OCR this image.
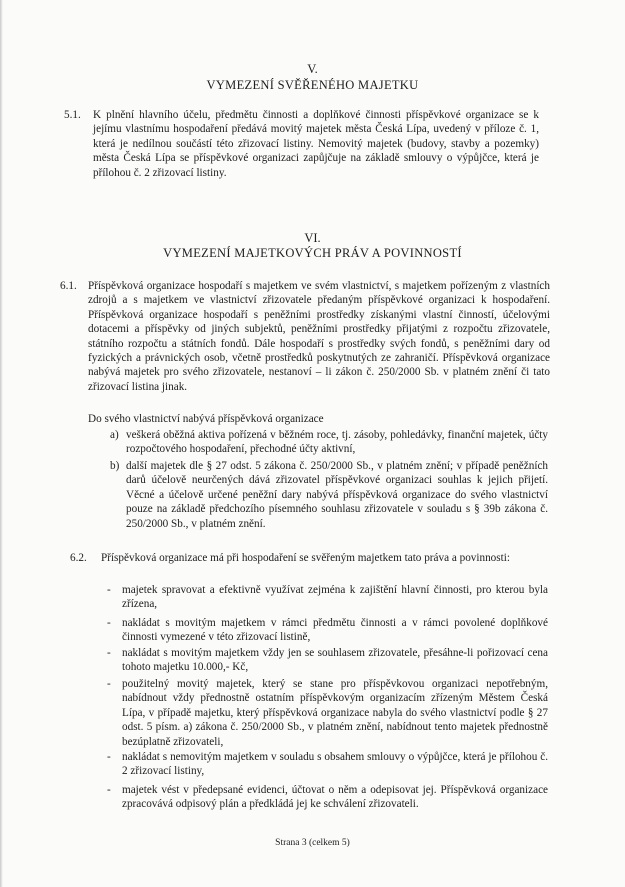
V.
VYMEZENÍ SVĚŘENÉHO MAJETKU
5.1. K plnění hlavního účelu, předmětu činnosti a doplňkové činnosti příspěvkové organizace se k jejímu vlastnímu hospodaření předává movitý majetek města Česká Lípa, uvedený v příloze č. 1, která je nedílnou součástí této zřizovací listiny. Nemovitý majetek (budovy, stavby a pozemky) města Česká Lípa se příspěvkové organizaci zapůjčuje na základě smlouvy o výpůjčce, která je přílohou č. 2 zřizovací listiny.
VI.
VYMEZENÍ MAJETKOVÝCH PRÁV A POVINNOSTÍ
6.1. Příspěvková organizace hospodaří s majetkem ve svém vlastnictví, s majetkem pořízeným z vlastních zdrojů a s majetkem ve vlastnictví zřizovatele předaným příspěvkové organizaci k hospodaření. Příspěvková organizace hospodaří s peněžními prostředky získanými vlastní činností, účelovými dotacemi a příspěvky od jiných subjektů, peněžními prostředky přijatými z rozpočtu zřizovatele, státního rozpočtu a státních fondů. Dále hospodaří s prostředky svých fondů, s peněžními dary od fyzických a právnických osob, včetně prostředků poskytnutých ze zahraničí. Příspěvková organizace nabývá majetek pro svého zřizovatele, nestanoví – li zákon č. 250/2000 Sb. v platném znění či tato zřizovací listina jinak.
Do svého vlastnictví nabývá příspěvková organizace
a) veškerá oběžná aktiva pořízená v běžném roce, tj. zásoby, pohledávky, finanční majetek, účty rozpočtového hospodaření, přechodné účty aktivní,
b) další majetek dle § 27 odst. 5 zákona č. 250/2000 Sb., v platném znění; v případě peněžních darů účelově neurčených dává zřizovatel příspěvkové organizaci souhlas k jejich přijetí. Věcné a účelově určené peněžní dary nabývá příspěvková organizace do svého vlastnictví pouze na základě předchozího písemného souhlasu zřizovatele v souladu s § 39b zákona č. 250/2000 Sb., v platném znění.
6.2. Příspěvková organizace má při hospodaření se svěřeným majetkem tato práva a povinnosti:
- majetek spravovat a efektivně využívat zejména k zajištění hlavní činnosti, pro kterou byla zřízena,
- nakládat s movitým majetkem v rámci předmětu činnosti a v rámci povolené doplňkové činnosti vymezené v této zřizovací listině,
- nakládat s movitým majetkem vždy jen se souhlasem zřizovatele, přesáhne-li pořizovací cena tohoto majetku 10.000,- Kč,
- použitelný movitý majetek, který se stane pro příspěvkovou organizaci nepotřebným, nabídnout vždy přednostně ostatním příspěvkovým organizacím zřízeným Městem Česká Lípa, v případě majetku, který příspěvková organizace nabyla do svého vlastnictví podle § 27 odst. 5 písm. a) zákona č. 250/2000 Sb., v platném znění, nabídnout tento majetek přednostně bezúplatně zřizovateli,
- nakládat s nemovitým majetkem v souladu s obsahem smlouvy o výpůjčce, která je přílohou č. 2 zřizovací listiny,
- majetek vést v předepsané evidenci, účtovat o něm a odepisovat jej. Příspěvková organizace zpracovává odpisový plán a předkládá jej ke schválení zřizovateli.
Strana 3 (celkem 5)
